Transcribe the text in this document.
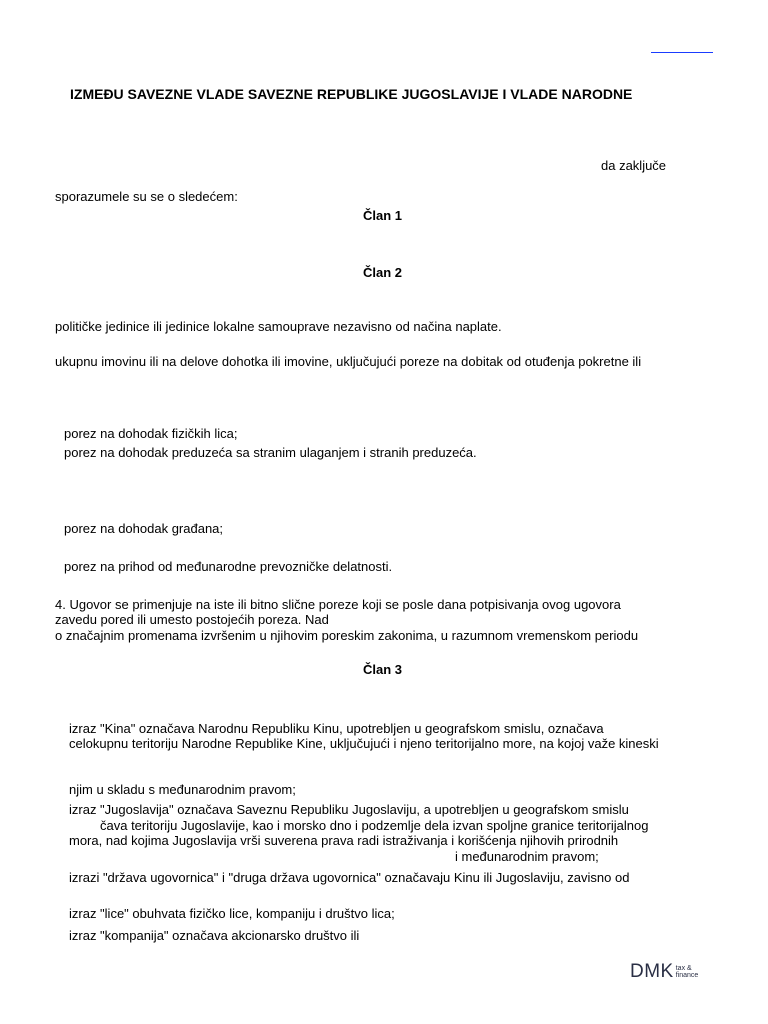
IZMEĐU SAVEZNE VLADE SAVEZNE REPUBLIKE JUGOSLAVIJE I VLADE NARODNE

da zaključe

sporazumele su se o sledećem:

Član 1

Član 2

političke jedinice ili jedinice lokalne samouprave nezavisno od načina naplate.

ukupnu imovinu ili na delove dohotka ili imovine, uključujući poreze na dobitak od otuđenja pokretne ili

porez na dohodak fizičkih lica;

porez na dohodak preduzeća sa stranim ulaganjem i stranih preduzeća.

porez na dohodak građana;

porez na prihod od međunarodne prevozničke delatnosti.

4. Ugovor se primenjuje na iste ili bitno slične poreze koji se posle dana potpisivanja ovog ugovora

zavedu pored ili umesto postojećih poreza. Nad

o značajnim promenama izvršenim u njihovim poreskim zakonima, u razumnom vremenskom periodu

Član 3

izraz "Kina" označava Narodnu Republiku Kinu, upotrebljen u geografskom smislu, označava

celokupnu teritoriju Narodne Republike Kine, uključujući i njeno teritorijalno more, na kojoj važe kineski

njim u skladu s međunarodnim pravom;

izraz "Jugoslavija" označava Saveznu Republiku Jugoslaviju, a upotrebljen u geografskom smislu

čava teritoriju Jugoslavije, kao i morsko dno i podzemlje dela izvan spoljne granice teritorijalnog

mora, nad kojima Jugoslavija vrši suverena prava radi istraživanja i korišćenja njihovih prirodnih

i međunarodnim pravom;

izrazi "država ugovornica" i "druga država ugovornica" označavaju Kinu ili Jugoslaviju, zavisno od

izraz "lice" obuhvata fizičko lice, kompaniju i društvo lica;

izraz "kompanija" označava akcionarsko društvo ili

DMK tax &
finance
